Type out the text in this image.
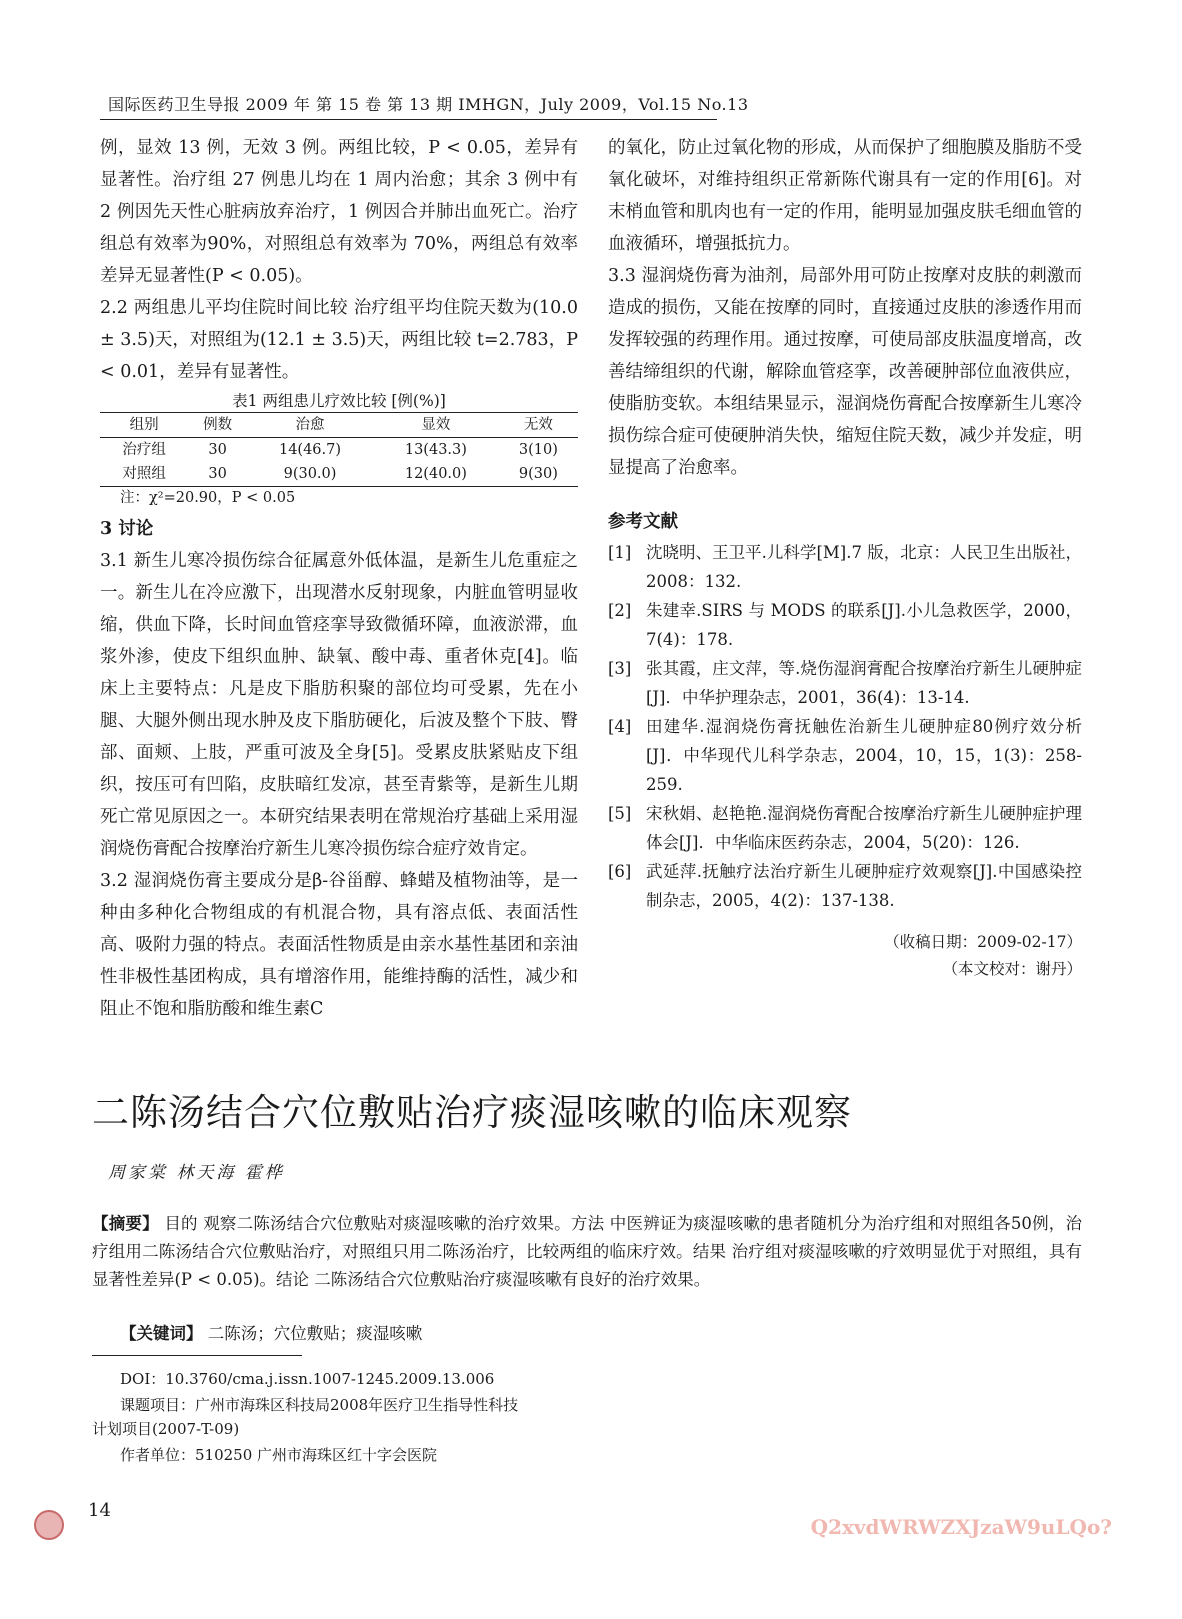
国际医药卫生导报 2009 年 第 15 卷 第 13 期 IMHGN，July 2009，Vol.15 No.13

例，显效 13 例，无效 3 例。两组比较，P < 0.05，差异有显著性。治疗组 27 例患儿均在 1 周内治愈；其余 3 例中有 2 例因先天性心脏病放弃治疗，1 例因合并肺出血死亡。治疗组总有效率为90%，对照组总有效率为 70%，两组总有效率差异无显著性(P < 0.05)。

2.2 两组患儿平均住院时间比较 治疗组平均住院天数为(10.0 ± 3.5)天，对照组为(12.1 ± 3.5)天，两组比较 t=2.783，P < 0.01，差异有显著性。

表1 两组患儿疗效比较 [例(%)]
组别	例数	治愈	显效	无效
治疗组	30	14(46.7)	13(43.3)	3(10)
对照组	30	9(30.0)	12(40.0)	9(30)
注：χ²=20.90，P < 0.05

3 讨论

3.1 新生儿寒冷损伤综合征属意外低体温，是新生儿危重症之一。新生儿在冷应激下，出现潜水反射现象，内脏血管明显收缩，供血下降，长时间血管痉挛导致微循环障，血液淤滞，血浆外渗，使皮下组织血肿、缺氧、酸中毒、重者休克[4]。临床上主要特点：凡是皮下脂肪积聚的部位均可受累，先在小腿、大腿外侧出现水肿及皮下脂肪硬化，后波及整个下肢、臀部、面颊、上肢，严重可波及全身[5]。受累皮肤紧贴皮下组织，按压可有凹陷，皮肤暗红发凉，甚至青紫等，是新生儿期死亡常见原因之一。本研究结果表明在常规治疗基础上采用湿润烧伤膏配合按摩治疗新生儿寒冷损伤综合症疗效肯定。

3.2 湿润烧伤膏主要成分是β-谷甾醇、蜂蜡及植物油等，是一种由多种化合物组成的有机混合物，具有溶点低、表面活性高、吸附力强的特点。表面活性物质是由亲水基性基团和亲油性非极性基团构成，具有增溶作用，能维持酶的活性，减少和阻止不饱和脂肪酸和维生素C

的氧化，防止过氧化物的形成，从而保护了细胞膜及脂肪不受氧化破坏，对维持组织正常新陈代谢具有一定的作用[6]。对末梢血管和肌肉也有一定的作用，能明显加强皮肤毛细血管的血液循环，增强抵抗力。

3.3 湿润烧伤膏为油剂，局部外用可防止按摩对皮肤的刺激而造成的损伤，又能在按摩的同时，直接通过皮肤的渗透作用而发挥较强的药理作用。通过按摩，可使局部皮肤温度增高，改善结缔组织的代谢，解除血管痉挛，改善硬肿部位血液供应，使脂肪变软。本组结果显示，湿润烧伤膏配合按摩新生儿寒冷损伤综合症可使硬肿消失快，缩短住院天数，减少并发症，明显提高了治愈率。

参考文献

[1] 沈晓明、王卫平.儿科学[M].7 版，北京：人民卫生出版社，2008：132.
[2] 朱建幸.SIRS 与 MODS 的联系[J].小儿急救医学，2000，7(4)：178.
[3] 张其霞，庄文萍，等.烧伤湿润膏配合按摩治疗新生儿硬肿症[J]．中华护理杂志，2001，36(4)：13-14.
[4] 田建华.湿润烧伤膏抚触佐治新生儿硬肿症80例疗效分析[J]．中华现代儿科学杂志，2004，10，15，1(3)：258-259.
[5] 宋秋娟、赵艳艳.湿润烧伤膏配合按摩治疗新生儿硬肿症护理体会[J]．中华临床医药杂志，2004，5(20)：126.
[6] 武延萍.抚触疗法治疗新生儿硬肿症疗效观察[J].中国感染控制杂志，2005，4(2)：137-138.
（收稿日期：2009-02-17）
（本文校对：谢丹）
二陈汤结合穴位敷贴治疗痰湿咳嗽的临床观察
周家棠 林天海 霍桦
【摘要】 目的 观察二陈汤结合穴位敷贴对痰湿咳嗽的治疗效果。方法 中医辨证为痰湿咳嗽的患者随机分为治疗组和对照组各50例，治疗组用二陈汤结合穴位敷贴治疗，对照组只用二陈汤治疗，比较两组的临床疗效。结果 治疗组对痰湿咳嗽的疗效明显优于对照组，具有显著性差异(P < 0.05)。结论 二陈汤结合穴位敷贴治疗痰湿咳嗽有良好的治疗效果。
【关键词】 二陈汤；穴位敷贴；痰湿咳嗽
DOI：10.3760/cma.j.issn.1007-1245.2009.13.006
课题项目：广州市海珠区科技局2008年医疗卫生指导性科技
计划项目(2007-T-09)
作者单位：510250 广州市海珠区红十字会医院
14
Q2xvdWRWZXJzaW9uLQo?
